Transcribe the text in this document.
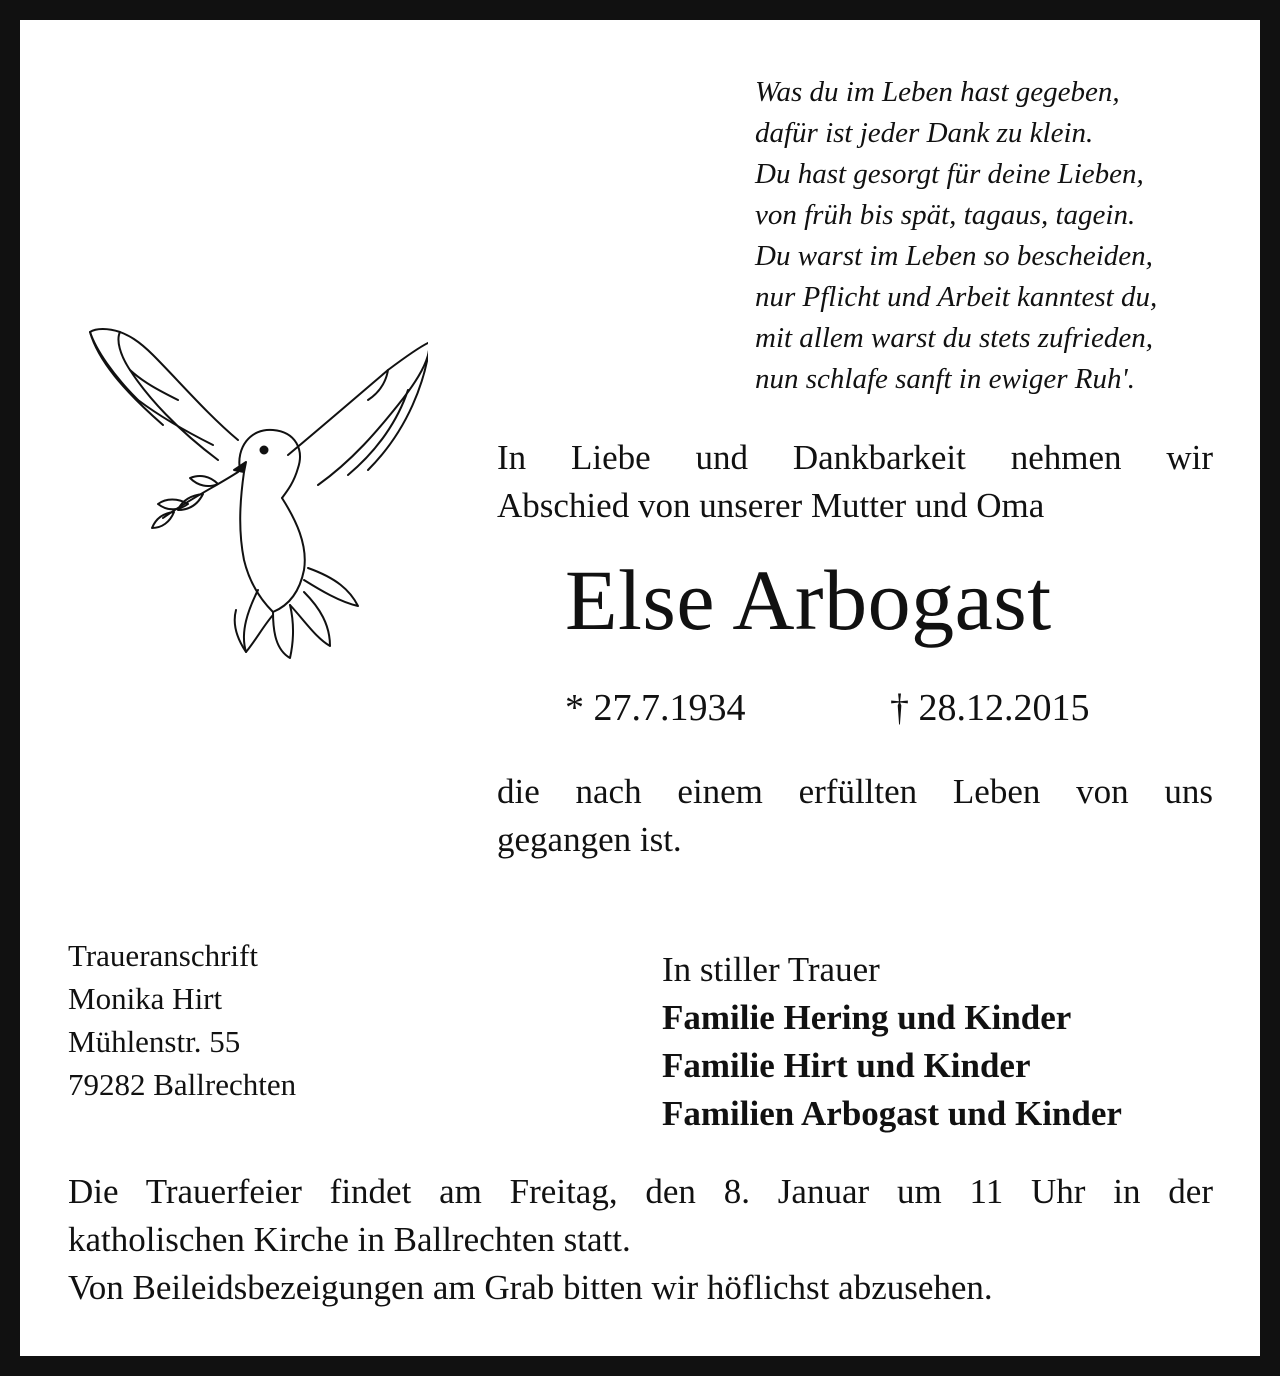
Was du im Leben hast gegeben,
dafür ist jeder Dank zu klein.
Du hast gesorgt für deine Lieben,
von früh bis spät, tagaus, tagein.
Du warst im Leben so bescheiden,
nur Pflicht und Arbeit kanntest du,
mit allem warst du stets zufrieden,
nun schlafe sanft in ewiger Ruh'.
In Liebe und Dankbarkeit nehmen wir
Abschied von unserer Mutter und Oma
Else Arbogast
* 27.7.1934	† 28.12.2015
die nach einem erfüllten Leben von uns
gegangen ist.
Traueranschrift
Monika Hirt
Mühlenstr. 55
79282 Ballrechten
In stiller Trauer
Familie Hering und Kinder
Familie Hirt und Kinder
Familien Arbogast und Kinder
Die Trauerfeier findet am Freitag, den 8. Januar um 11 Uhr in der
katholischen Kirche in Ballrechten statt.
Von Beileidsbezeigungen am Grab bitten wir höflichst abzusehen.
